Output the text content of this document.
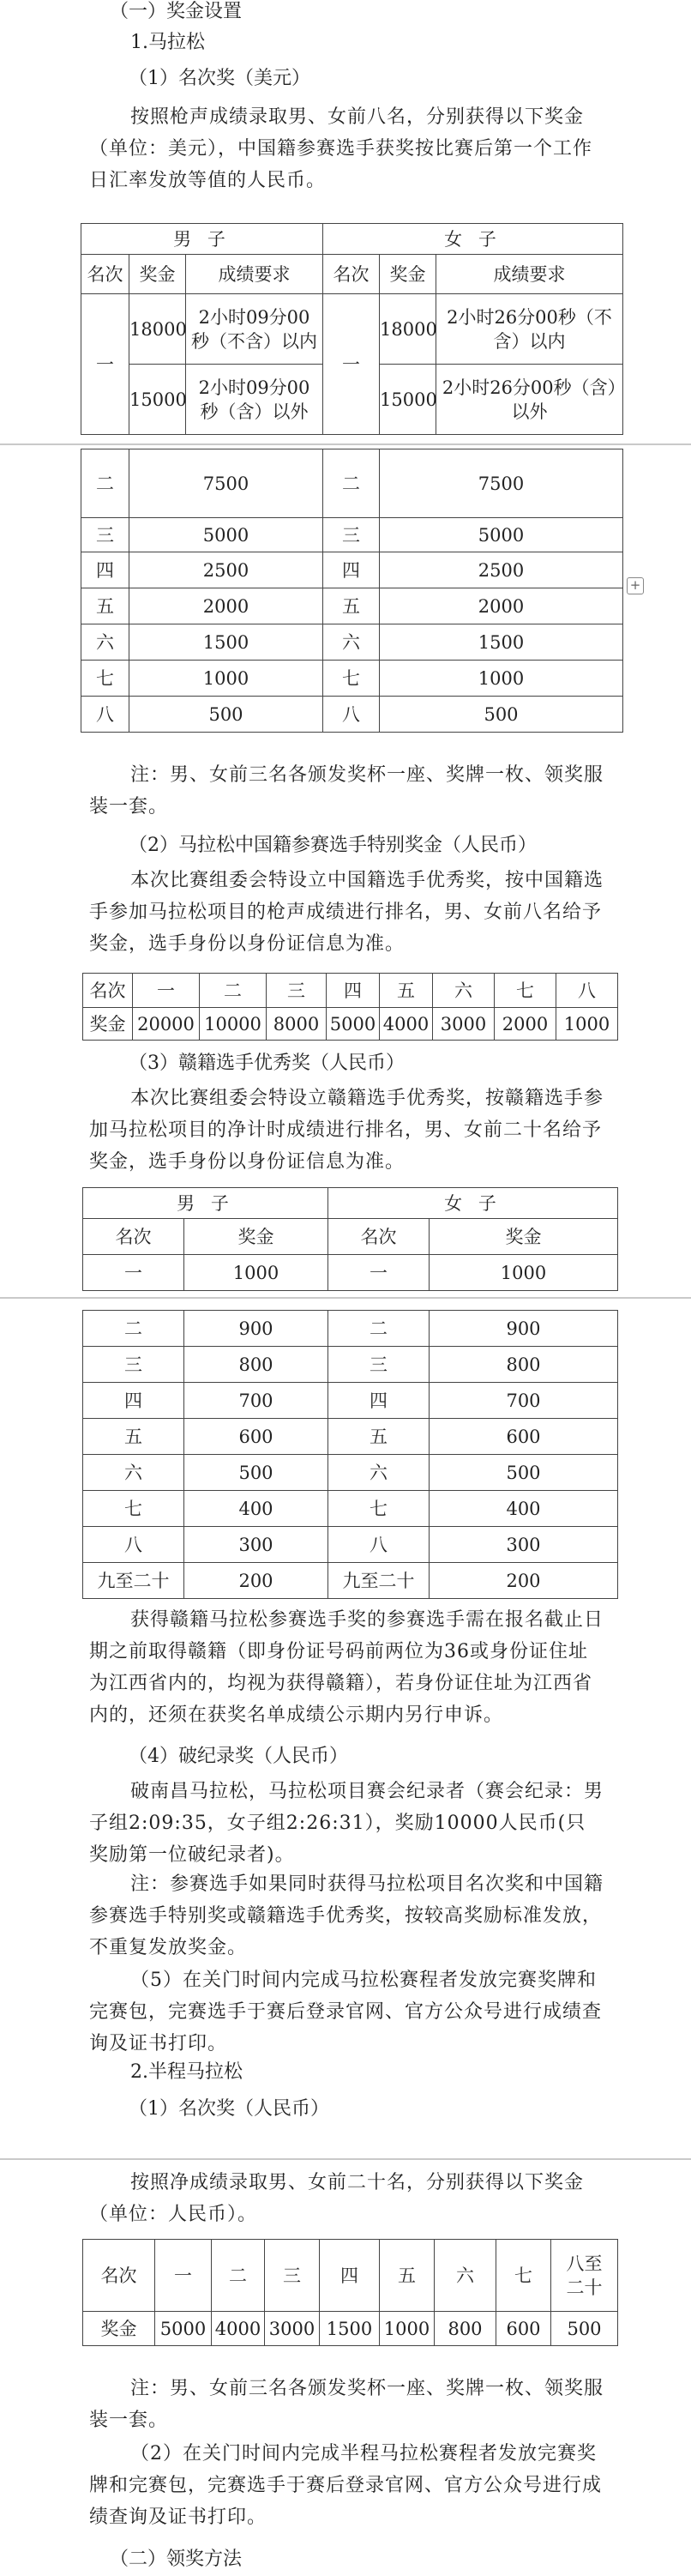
（一）奖金设置
1.马拉松
（1）名次奖（美元）
按照枪声成绩录取男、女前八名，分别获得以下奖金（单位：美元），中国籍参赛选手获奖按比赛后第一个工作日汇率发放等值的人民币。
男 子			女 子		
名次	奖金	成绩要求	名次	奖金	成绩要求
一	18000	2小时09分00秒（不含）以内	一	18000	2小时26分00秒（不含）以内
	15000	2小时09分00秒（含）以外		15000	2小时26分00秒（含）以外
二	7500	二	7500
三	5000	三	5000
四	2500	四	2500
五	2000	五	2000
六	1500	六	1500
七	1000	七	1000
八	500	八	500
+
注：男、女前三名各颁发奖杯一座、奖牌一枚、领奖服装一套。
（2）马拉松中国籍参赛选手特别奖金（人民币）
本次比赛组委会特设立中国籍选手优秀奖，按中国籍选手参加马拉松项目的枪声成绩进行排名，男、女前八名给予奖金，选手身份以身份证信息为准。
名次	一	二	三	四	五	六	七	八
奖金	20000	10000	8000	5000	4000	3000	2000	1000
（3）赣籍选手优秀奖（人民币）
本次比赛组委会特设立赣籍选手优秀奖，按赣籍选手参加马拉松项目的净计时成绩进行排名，男、女前二十名给予奖金，选手身份以身份证信息为准。
男 子		女 子	
名次	奖金	名次	奖金
一	1000	一	1000
二	900	二	900
三	800	三	800
四	700	四	700
五	600	五	600
六	500	六	500
七	400	七	400
八	300	八	300
九至二十	200	九至二十	200
获得赣籍马拉松参赛选手奖的参赛选手需在报名截止日期之前取得赣籍（即身份证号码前两位为36或身份证住址为江西省内的，均视为获得赣籍），若身份证住址为江西省内的，还须在获奖名单成绩公示期内另行申诉。
（4）破纪录奖（人民币）
破南昌马拉松，马拉松项目赛会纪录者（赛会纪录：男子组2:09:35，女子组2:26:31），奖励10000人民币(只奖励第一位破纪录者)。
注：参赛选手如果同时获得马拉松项目名次奖和中国籍参赛选手特别奖或赣籍选手优秀奖，按较高奖励标准发放，不重复发放奖金。
（5）在关门时间内完成马拉松赛程者发放完赛奖牌和完赛包，完赛选手于赛后登录官网、官方公众号进行成绩查询及证书打印。
2.半程马拉松
（1）名次奖（人民币）
按照净成绩录取男、女前二十名，分别获得以下奖金（单位：人民币）。
名次	一	二	三	四	五	六	七	八至二十
奖金	5000	4000	3000	1500	1000	800	600	500
注：男、女前三名各颁发奖杯一座、奖牌一枚、领奖服装一套。
（2）在关门时间内完成半程马拉松赛程者发放完赛奖牌和完赛包，完赛选手于赛后登录官网、官方公众号进行成绩查询及证书打印。
（二）领奖方法
